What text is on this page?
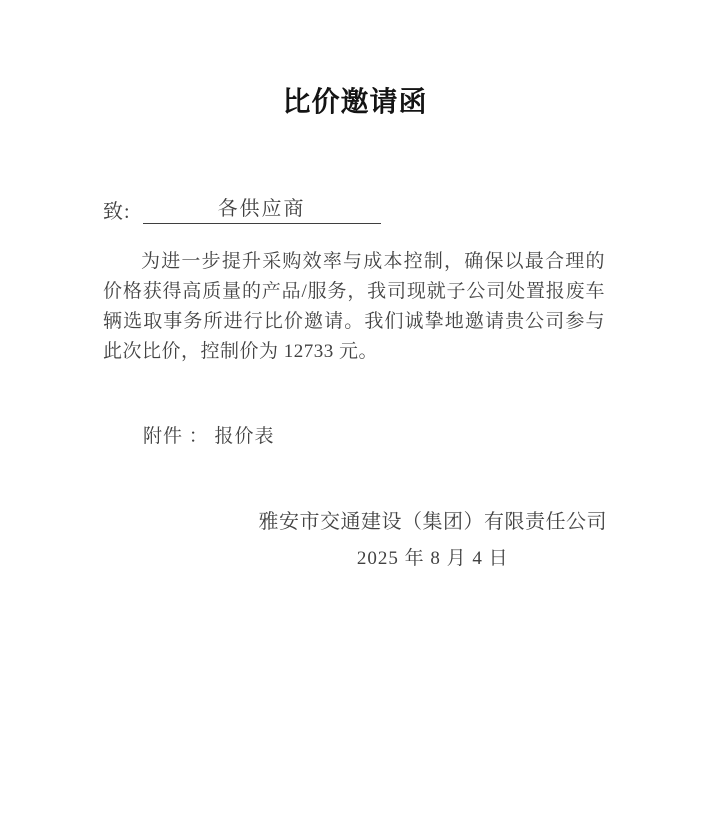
比价邀请函
致:	各供应商

为进一步提升采购效率与成本控制，确保以最合理的价格获得高质量的产品/服务，我司现就子公司处置报废车辆选取事务所进行比价邀请。我们诚挚地邀请贵公司参与此次比价，控制价为 12733 元。

附件 ： 报价表
雅安市交通建设（集团）有限责任公司
2025 年 8 月 4 日
